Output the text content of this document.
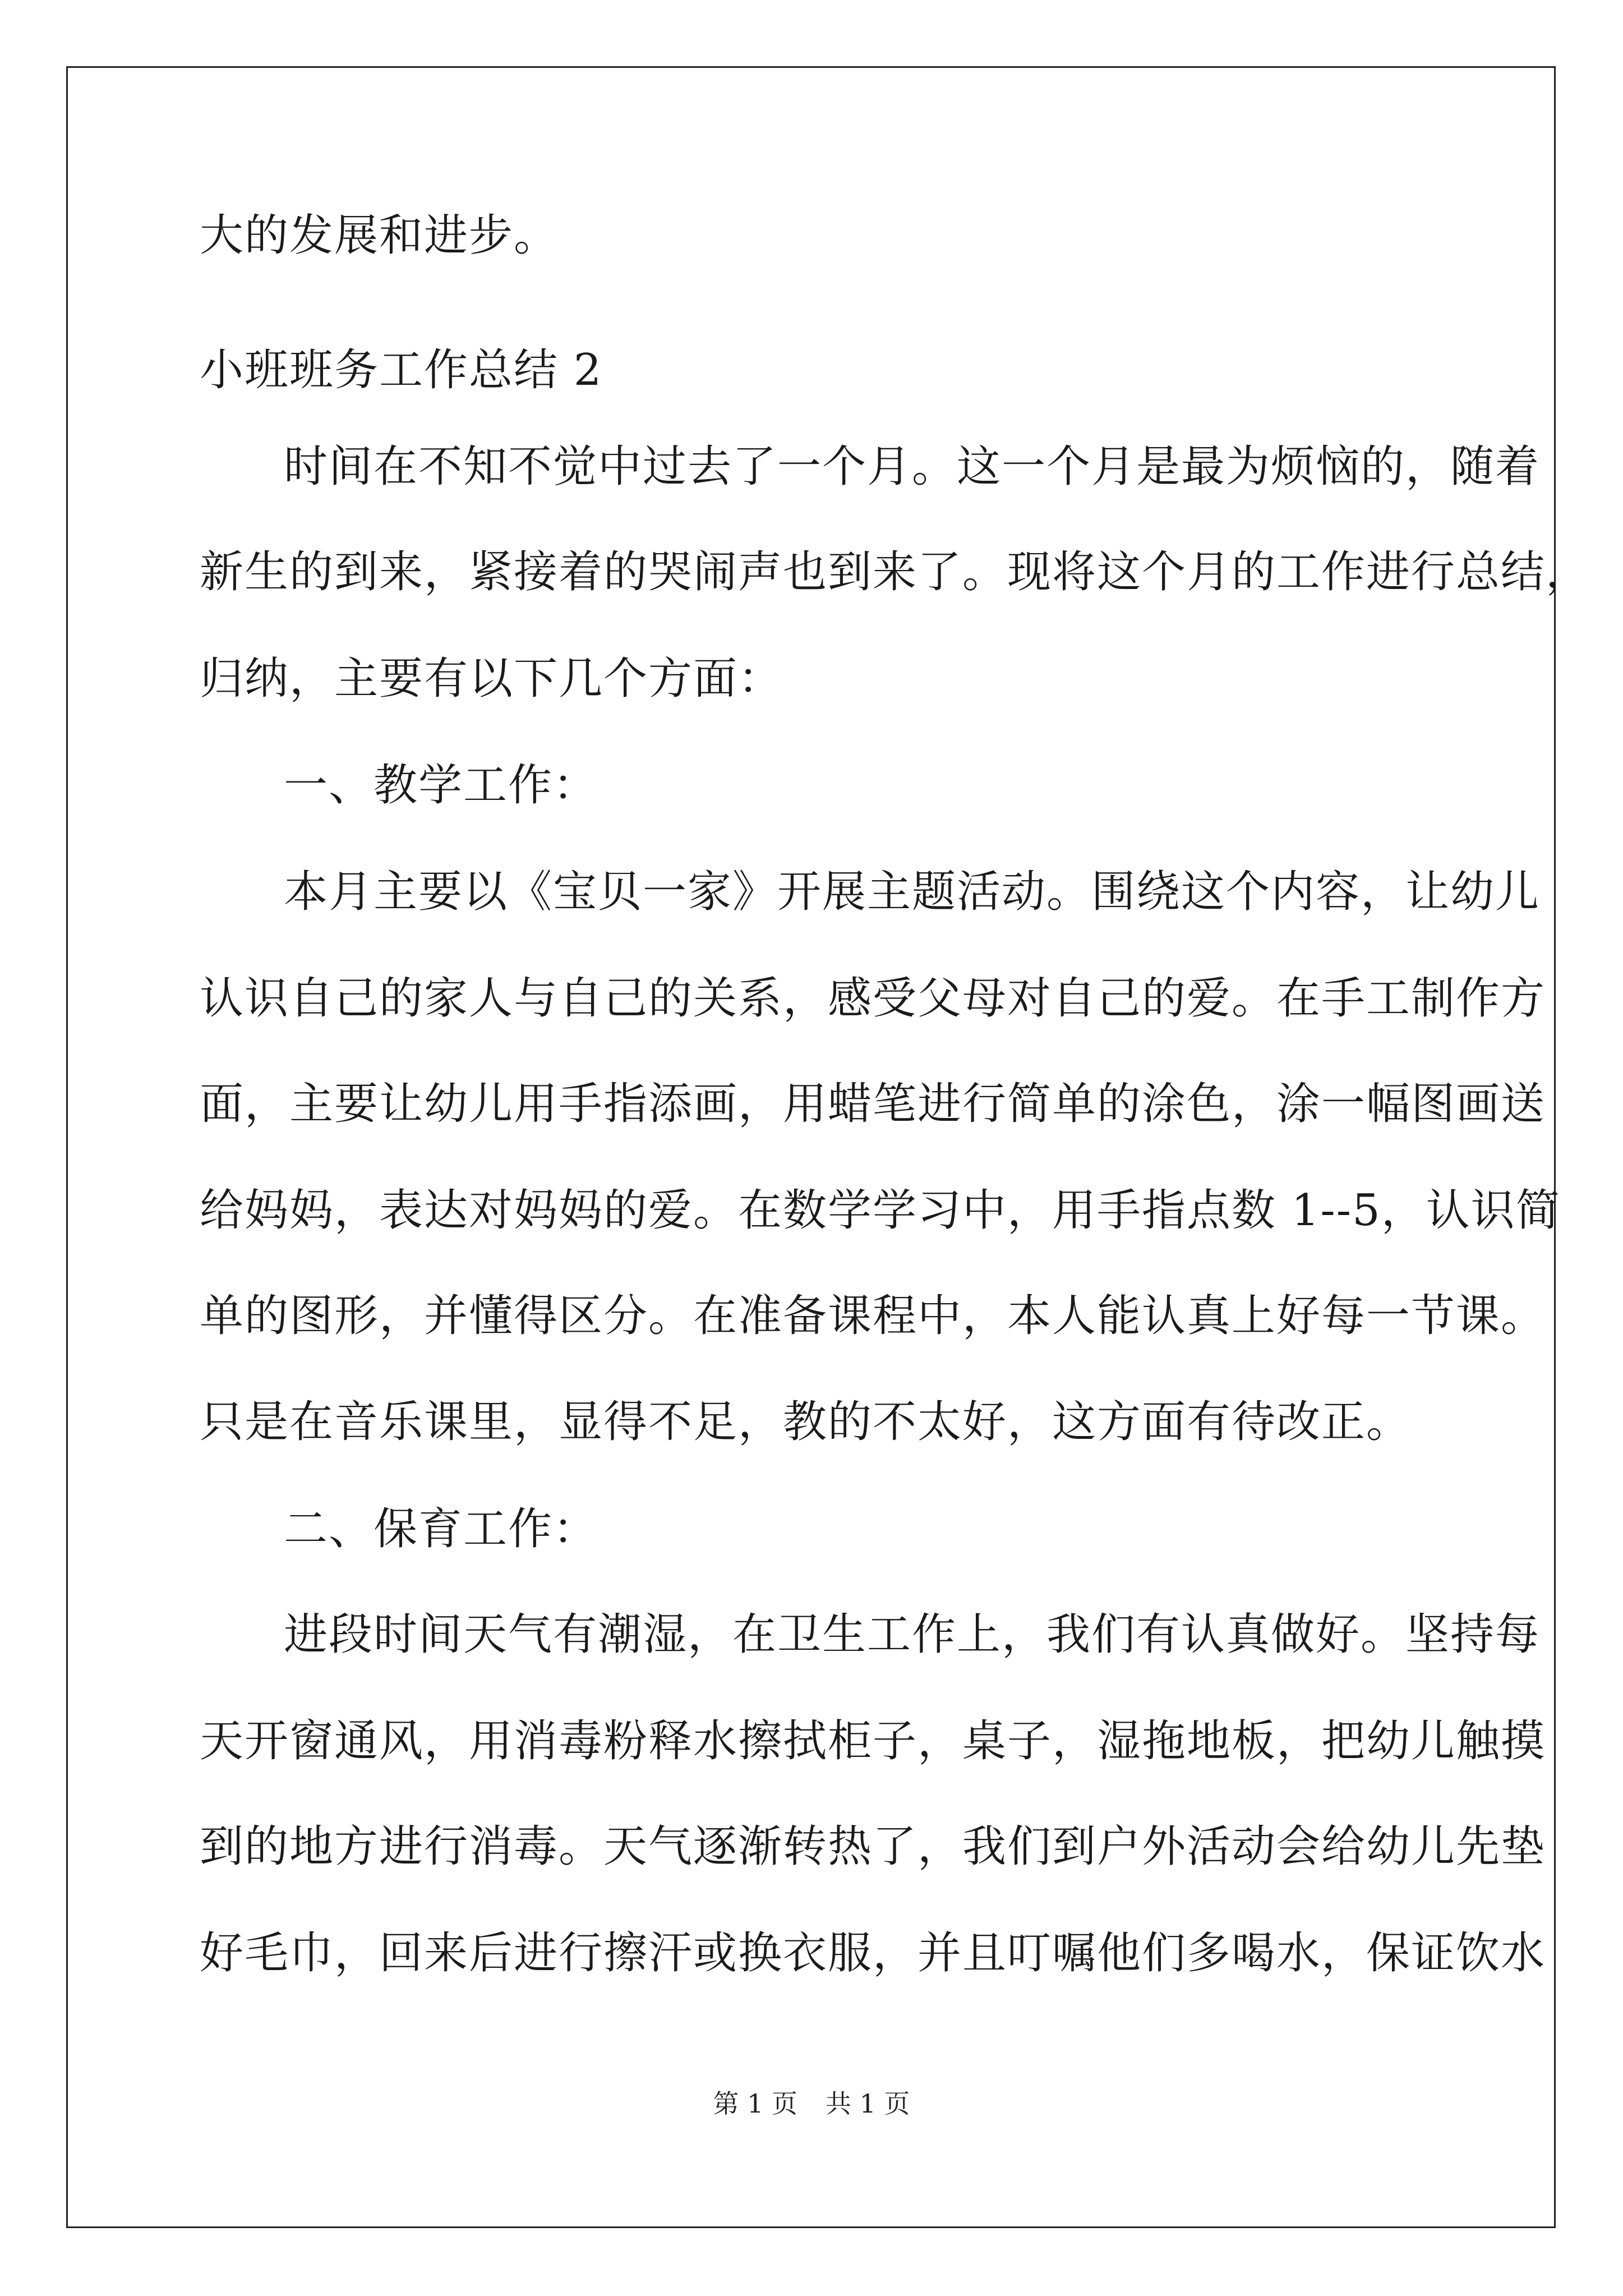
大的发展和进步。
小班班务工作总结 2
时间在不知不觉中过去了一个月。这一个月是最为烦恼的，随着
新生的到来，紧接着的哭闹声也到来了。现将这个月的工作进行总结，
归纳，主要有以下几个方面：
一、教学工作：
本月主要以《宝贝一家》开展主题活动。围绕这个内容，让幼儿
认识自己的家人与自己的关系，感受父母对自己的爱。在手工制作方
面，主要让幼儿用手指添画，用蜡笔进行简单的涂色，涂一幅图画送
给妈妈，表达对妈妈的爱。在数学学习中，用手指点数 1--5，认识简
单的图形，并懂得区分。在准备课程中，本人能认真上好每一节课。
只是在音乐课里，显得不足，教的不太好，这方面有待改正。
二、保育工作：
进段时间天气有潮湿，在卫生工作上，我们有认真做好。坚持每
天开窗通风，用消毒粉释水擦拭柜子，桌子，湿拖地板，把幼儿触摸
到的地方进行消毒。天气逐渐转热了，我们到户外活动会给幼儿先垫
好毛巾，回来后进行擦汗或换衣服，并且叮嘱他们多喝水，保证饮水
第 1 页 共 1 页
